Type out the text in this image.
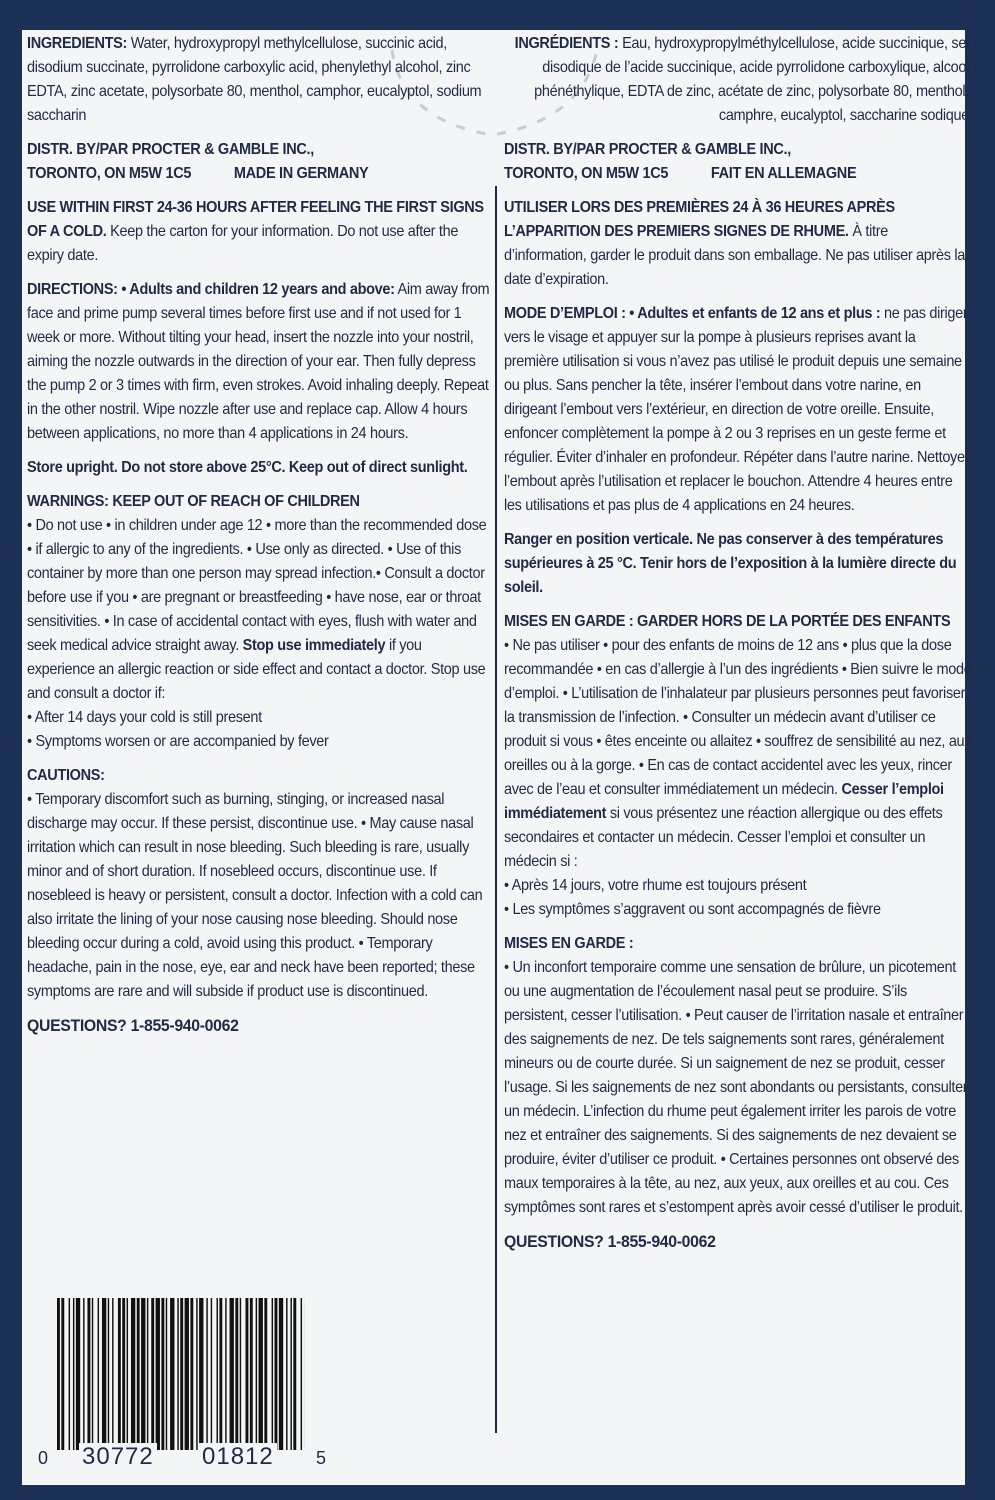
INGREDIENTS: Water, hydroxypropyl methylcellulose, succinic acid, disodium succinate, pyrrolidone carboxylic acid, phenylethyl alcohol, zinc EDTA, zinc acetate, polysorbate 80, menthol, camphor, eucalyptol, sodium saccharin

DISTR. BY/PAR PROCTER & GAMBLE INC.,

TORONTO, ON M5W 1C5	MADE IN GERMANY

USE WITHIN FIRST 24-36 HOURS AFTER FEELING THE FIRST SIGNS OF A COLD. Keep the carton for your information. Do not use after the expiry date.

DIRECTIONS: • Adults and children 12 years and above: Aim away from face and prime pump several times before first use and if not used for 1 week or more. Without tilting your head, insert the nozzle into your nostril, aiming the nozzle outwards in the direction of your ear. Then fully depress the pump 2 or 3 times with firm, even strokes. Avoid inhaling deeply. Repeat in the other nostril. Wipe nozzle after use and replace cap. Allow 4 hours between applications, no more than 4 applications in 24 hours.

Store upright. Do not store above 25°C. Keep out of direct sunlight.

WARNINGS: KEEP OUT OF REACH OF CHILDREN

• Do not use • in children under age 12 • more than the recommended dose • if allergic to any of the ingredients. • Use only as directed. • Use of this container by more than one person may spread infection.• Consult a doctor before use if you • are pregnant or breastfeeding • have nose, ear or throat sensitivities. • In case of accidental contact with eyes, flush with water and seek medical advice straight away. Stop use immediately if you experience an allergic reaction or side effect and contact a doctor. Stop use and consult a doctor if:

• After 14 days your cold is still present

• Symptoms worsen or are accompanied by fever

CAUTIONS:

• Temporary discomfort such as burning, stinging, or increased nasal discharge may occur. If these persist, discontinue use. • May cause nasal irritation which can result in nose bleeding. Such bleeding is rare, usually minor and of short duration. If nosebleed occurs, discontinue use. If nosebleed is heavy or persistent, consult a doctor. Infection with a cold can also irritate the lining of your nose causing nose bleeding. Should nose bleeding occur during a cold, avoid using this product. • Temporary headache, pain in the nose, eye, ear and neck have been reported; these symptoms are rare and will subside if product use is discontinued.

QUESTIONS? 1-855-940-0062

INGRÉDIENTS : Eau, hydroxypropylméthylcellulose, acide succinique, sel disodique de l’acide succinique, acide pyrrolidone carboxylique, alcool phénéthylique, EDTA de zinc, acétate de zinc, polysorbate 80, menthol, camphre, eucalyptol, saccharine sodique

DISTR. BY/PAR PROCTER & GAMBLE INC.,

TORONTO, ON M5W 1C5	FAIT EN ALLEMAGNE

UTILISER LORS DES PREMIÈRES 24 À 36 HEURES APRÈS L’APPARITION DES PREMIERS SIGNES DE RHUME. À titre d’information, garder le produit dans son emballage. Ne pas utiliser après la date d’expiration.

MODE D’EMPLOI : • Adultes et enfants de 12 ans et plus : ne pas diriger vers le visage et appuyer sur la pompe à plusieurs reprises avant la première utilisation si vous n’avez pas utilisé le produit depuis une semaine ou plus. Sans pencher la tête, insérer l’embout dans votre narine, en dirigeant l’embout vers l’extérieur, en direction de votre oreille. Ensuite, enfoncer complètement la pompe à 2 ou 3 reprises en un geste ferme et régulier. Éviter d’inhaler en profondeur. Répéter dans l’autre narine. Nettoyer l’embout après l’utilisation et replacer le bouchon. Attendre 4 heures entre les utilisations et pas plus de 4 applications en 24 heures.

Ranger en position verticale. Ne pas conserver à des températures supérieures à 25 °C. Tenir hors de l’exposition à la lumière directe du soleil.

MISES EN GARDE : GARDER HORS DE LA PORTÉE DES ENFANTS

• Ne pas utiliser • pour des enfants de moins de 12 ans • plus que la dose recommandée • en cas d’allergie à l’un des ingrédients • Bien suivre le mode d’emploi. • L’utilisation de l’inhalateur par plusieurs personnes peut favoriser la transmission de l’infection. • Consulter un médecin avant d’utiliser ce produit si vous • êtes enceinte ou allaitez • souffrez de sensibilité au nez, aux oreilles ou à la gorge. • En cas de contact accidentel avec les yeux, rincer avec de l’eau et consulter immédiatement un médecin. Cesser l’emploi immédiatement si vous présentez une réaction allergique ou des effets secondaires et contacter un médecin. Cesser l’emploi et consulter un médecin si :

• Après 14 jours, votre rhume est toujours présent

• Les symptômes s’aggravent ou sont accompagnés de fièvre

MISES EN GARDE :

• Un inconfort temporaire comme une sensation de brûlure, un picotement ou une augmentation de l’écoulement nasal peut se produire. S’ils persistent, cesser l’utilisation. • Peut causer de l’irritation nasale et entraîner des saignements de nez. De tels saignements sont rares, généralement mineurs ou de courte durée. Si un saignement de nez se produit, cesser l’usage. Si les saignements de nez sont abondants ou persistants, consulter un médecin. L’infection du rhume peut également irriter les parois de votre nez et entraîner des saignements. Si des saignements de nez devaient se produire, éviter d’utiliser ce produit. • Certaines personnes ont observé des maux temporaires à la tête, au nez, aux yeux, aux oreilles et au cou. Ces symptômes sont rares et s’estompent après avoir cessé d’utiliser le produit.

QUESTIONS? 1-855-940-0062

0 30772 01812 5
